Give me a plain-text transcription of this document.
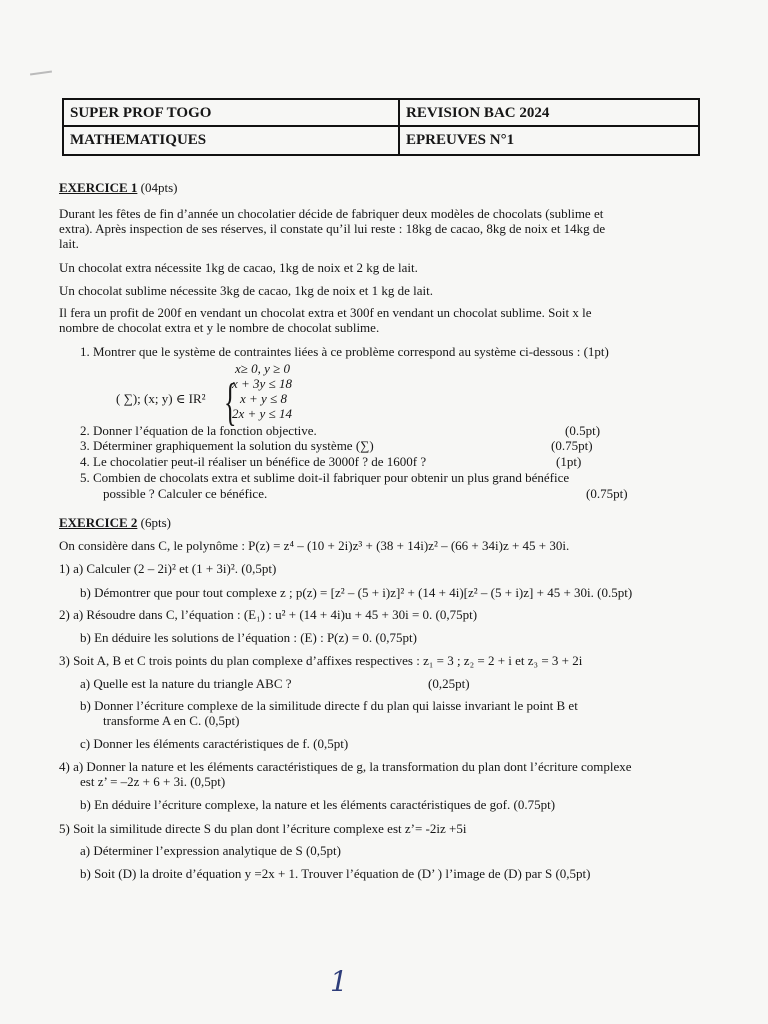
SUPER PROF TOGO	REVISION BAC 2024
MATHEMATIQUES	EPREUVES N°1
EXERCICE 1 (04pts)
Durant les fêtes de fin d’année un chocolatier décide de fabriquer deux modèles de chocolats (sublime et
extra). Après inspection de ses réserves, il constate qu’il lui reste : 18kg de cacao, 8kg de noix et 14kg de
lait.
Un chocolat extra nécessite 1kg de cacao, 1kg de noix et 2 kg de lait.
Un chocolat sublime nécessite 3kg de cacao, 1kg de noix et 1 kg de lait.
Il fera un profit de 200f en vendant un chocolat extra et 300f en vendant un chocolat sublime. Soit x le
nombre de chocolat extra et y le nombre de chocolat sublime.
1. Montrer que le système de contraintes liées à ce problème correspond au système ci-dessous : (1pt)
x≥ 0, y ≥ 0
( ∑); (x; y) ∈ IR² {
x + 3y ≤ 18
x + y ≤ 8
2x + y ≤ 14
2. Donner l’équation de la fonction objective.	(0.5pt)
3. Déterminer graphiquement la solution du système (∑)	(0.75pt)
4. Le chocolatier peut-il réaliser un bénéfice de 3000f ? de 1600f ?	(1pt)
5. Combien de chocolats extra et sublime doit-il fabriquer pour obtenir un plus grand bénéfice
possible ? Calculer ce bénéfice.	(0.75pt)
EXERCICE 2 (6pts)
On considère dans C, le polynôme : P(z) = z⁴ – (10 + 2i)z³ + (38 + 14i)z² – (66 + 34i)z + 45 + 30i.
1) a) Calculer (2 – 2i)² et (1 + 3i)². (0,5pt)
b) Démontrer que pour tout complexe z ; p(z) = [z² – (5 + i)z]² + (14 + 4i)[z² – (5 + i)z] + 45 + 30i. (0.5pt)
2) a) Résoudre dans C, l’équation : (E₁) : u² + (14 + 4i)u + 45 + 30i = 0. (0,75pt)
b) En déduire les solutions de l’équation : (E) : P(z) = 0. (0,75pt)
3) Soit A, B et C trois points du plan complexe d’affixes respectives : z₁ = 3 ; z₂ = 2 + i et z₃ = 3 + 2i
a) Quelle est la nature du triangle ABC ?	(0,25pt)
b) Donner l’écriture complexe de la similitude directe f du plan qui laisse invariant le point B et
transforme A en C. (0,5pt)
c) Donner les éléments caractéristiques de f. (0,5pt)
4) a) Donner la nature et les éléments caractéristiques de g, la transformation du plan dont l’écriture complexe
est z’ = –2z + 6 + 3i. (0,5pt)
b) En déduire l’écriture complexe, la nature et les éléments caractéristiques de gof. (0.75pt)
5) Soit la similitude directe S du plan dont l’écriture complexe est z’= -2iz +5i
a) Déterminer l’expression analytique de S (0,5pt)
b) Soit (D) la droite d’équation y =2x + 1. Trouver l’équation de (D’ ) l’image de (D) par S (0,5pt)
1
